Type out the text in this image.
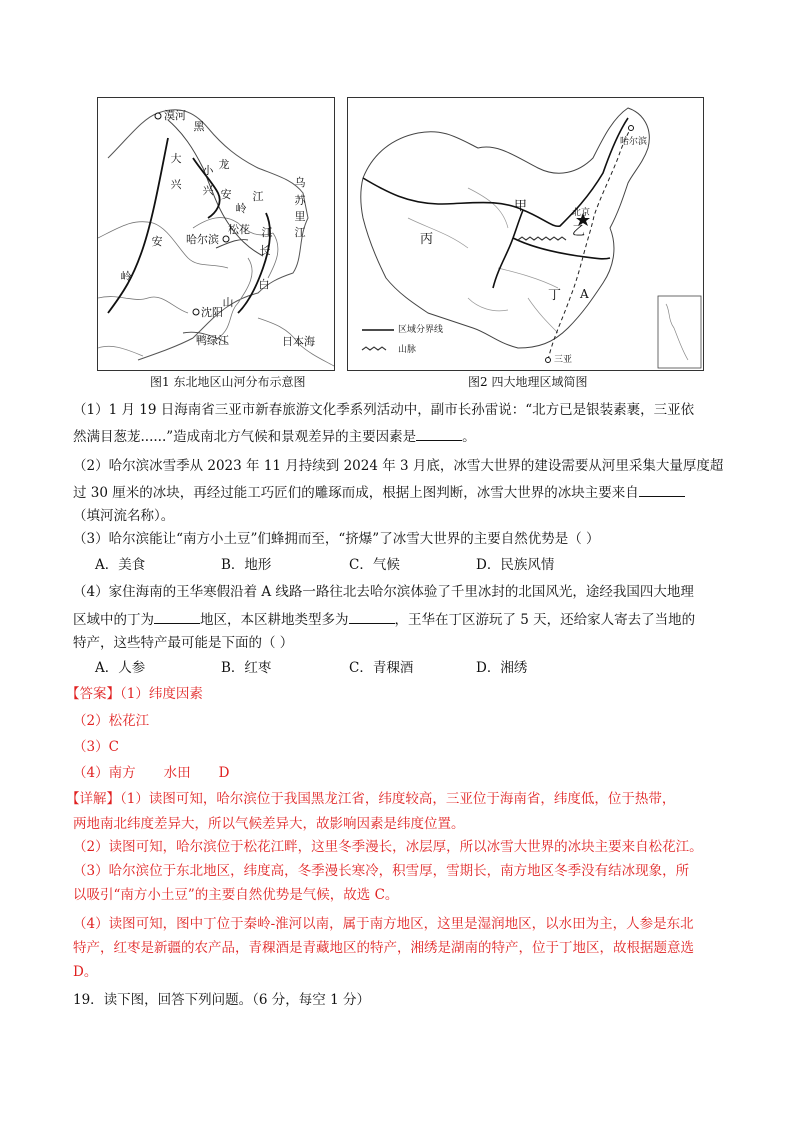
漠河
哈尔滨
沈阳
日本海
鸭绿江
松花
大
兴
安
岭
黑
龙
江
小
兴 安
岭
江
长
白
山
乌
苏
里
江
图1 东北地区山河分布示意图
甲
乙
丙
丁
北京
哈尔滨
三亚
A
区域分界线
山脉
图2 四大地理区域简图
（1）1 月 19 日海南省三亚市新春旅游文化季系列活动中，副市长孙雷说：“北方已是银装素裹，三亚依
然满目葱茏......”造成南北方气候和景观差异的主要因素是	。
（2）哈尔滨冰雪季从 2023 年 11 月持续到 2024 年 3 月底，冰雪大世界的建设需要从河里采集大量厚度超
过 30 厘米的冰块，再经过能工巧匠们的雕琢而成，根据上图判断，冰雪大世界的冰块主要来自
（填河流名称）。
（3）哈尔滨能让“南方小土豆”们蜂拥而至，“挤爆”了冰雪大世界的主要自然优势是（ ）
A．美食	B．地形	C．气候	D．民族风情
（4）家住海南的王华寒假沿着 A 线路一路往北去哈尔滨体验了千里冰封的北国风光，途经我国四大地理
区域中的丁为	地区，本区耕地类型多为	，王华在丁区游玩了 5 天，还给家人寄去了当地的
特产，这些特产最可能是下面的（ ）
A．人参	B．红枣	C．青稞酒	D．湘绣
【答案】（1）纬度因素
（2）松花江
（3）C
（4）南方 水田 D
【详解】（1）读图可知，哈尔滨位于我国黑龙江省，纬度较高，三亚位于海南省，纬度低，位于热带，
两地南北纬度差异大，所以气候差异大，故影响因素是纬度位置。
（2）读图可知，哈尔滨位于松花江畔，这里冬季漫长，冰层厚，所以冰雪大世界的冰块主要来自松花江。
（3）哈尔滨位于东北地区，纬度高，冬季漫长寒冷，积雪厚，雪期长，南方地区冬季没有结冰现象，所
以吸引“南方小土豆”的主要自然优势是气候，故选 C。
（4）读图可知，图中丁位于秦岭-淮河以南，属于南方地区，这里是湿润地区，以水田为主，人参是东北
特产，红枣是新疆的农产品，青稞酒是青藏地区的特产，湘绣是湖南的特产，位于丁地区，故根据题意选
D。
19．读下图，回答下列问题。（6 分，每空 1 分）
